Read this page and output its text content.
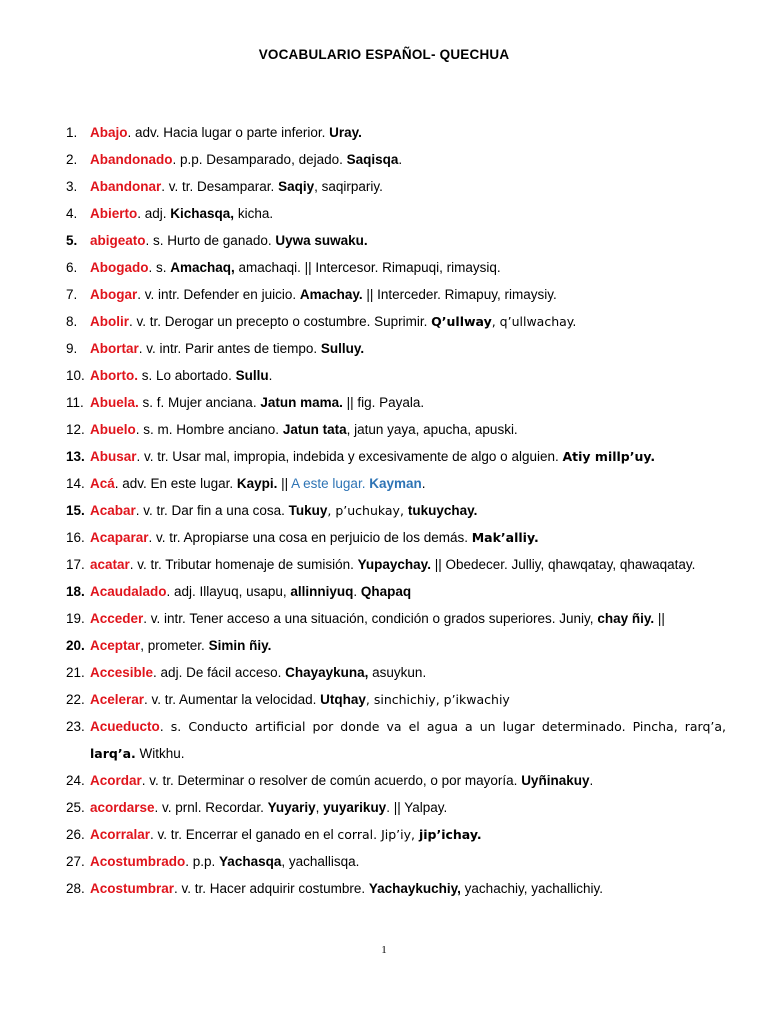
VOCABULARIO ESPAÑOL- QUECHUA
1. Abajo. adv. Hacia lugar o parte inferior. Uray.
2. Abandonado. p.p. Desamparado, dejado. Saqisqa.
3. Abandonar. v. tr. Desamparar. Saqiy, saqirpariy.
4. Abierto. adj. Kichasqa, kicha.
5. abigeato. s. Hurto de ganado. Uywa suwaku.
6. Abogado. s. Amachaq, amachaqi. || Intercesor. Rimapuqi, rimaysiq.
7. Abogar. v. intr. Defender en juicio. Amachay. || Interceder. Rimapuy, rimaysiy.
8. Abolir. v. tr. Derogar un precepto o costumbre. Suprimir. Q’ullway, q’ullwachay.
9. Abortar. v. intr. Parir antes de tiempo. Sulluy.
10. Aborto. s. Lo abortado. Sullu.
11. Abuela. s. f. Mujer anciana. Jatun mama. || fig. Payala.
12. Abuelo. s. m. Hombre anciano. Jatun tata, jatun yaya, apucha, apuski.
13. Abusar. v. tr. Usar mal, impropia, indebida y excesivamente de algo o alguien. Atiy millp’uy.
14. Acá. adv. En este lugar. Kaypi. || A este lugar. Kayman.
15. Acabar. v. tr. Dar fin a una cosa. Tukuy, p’uchukay, tukuychay.
16. Acaparar. v. tr. Apropiarse una cosa en perjuicio de los demás. Mak’alliy.
17. acatar. v. tr. Tributar homenaje de sumisión. Yupaychay. || Obedecer. Julliy, qhawqatay, qhawaqatay.
18. Acaudalado. adj. Illayuq, usapu, allinniyuq. Qhapaq
19. Acceder. v. intr. Tener acceso a una situación, condición o grados superiores. Juniy, chay ñiy. ||
20. Aceptar, prometer. Simin ñiy.
21. Accesible. adj. De fácil acceso. Chayaykuna, asuykun.
22. Acelerar. v. tr. Aumentar la velocidad. Utqhay, sinchichiy, p’ikwachiy
23. Acueducto. s. Conducto artificial por donde va el agua a un lugar determinado. Pincha, rarq’a, larq’a. Witkhu.
24. Acordar. v. tr. Determinar o resolver de común acuerdo, o por mayoría. Uyñinakuy.
25. acordarse. v. prnl. Recordar. Yuyariy, yuyarikuy. || Yalpay.
26. Acorralar. v. tr. Encerrar el ganado en el corral. Jip’iy, jip’ichay.
27. Acostumbrado. p.p. Yachasqa, yachallisqa.
28. Acostumbrar. v. tr. Hacer adquirir costumbre. Yachaykuchiy, yachachiy, yachallichiy.
1
